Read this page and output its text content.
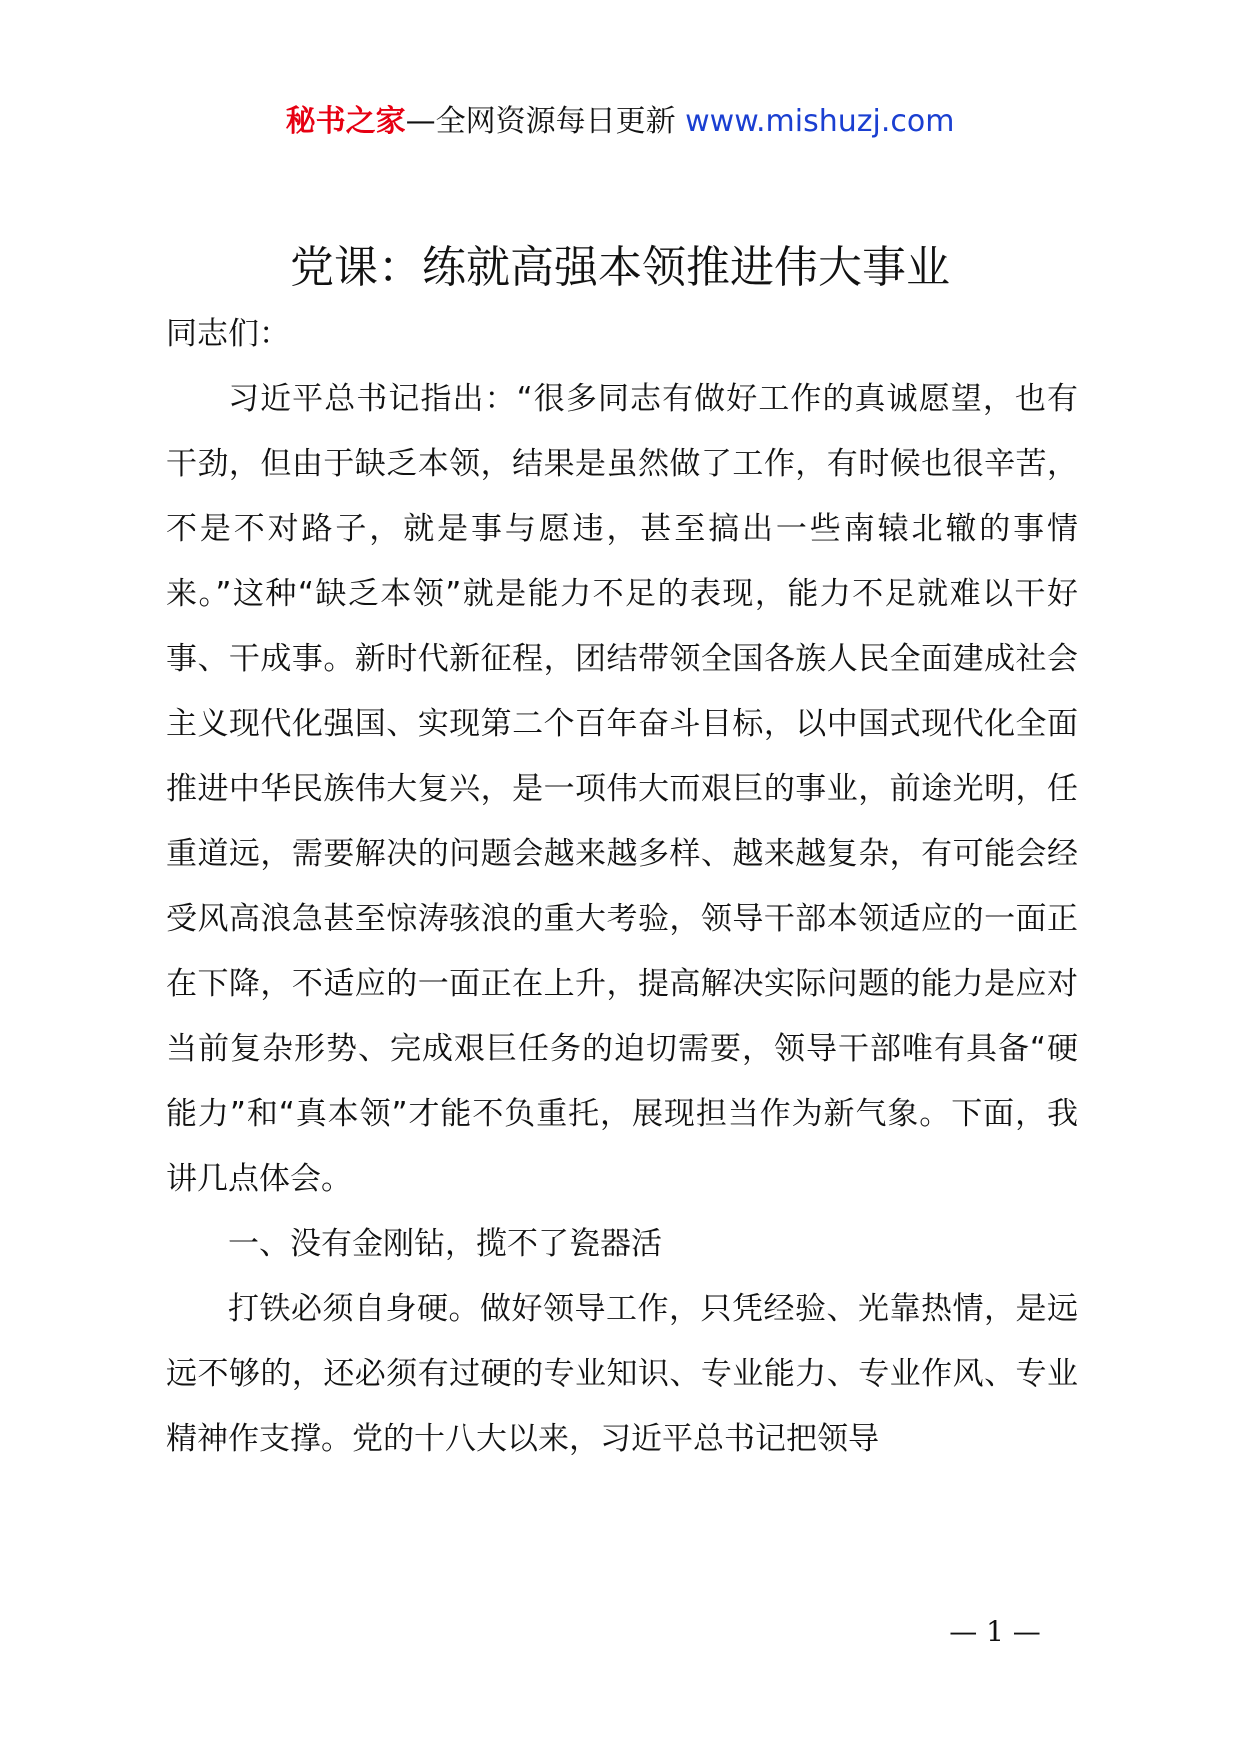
秘书之家—全网资源每日更新 www.mishuzj.com
党课：练就高强本领推进伟大事业

同志们：

习近平总书记指出：“很多同志有做好工作的真诚愿望，也有干劲，但由于缺乏本领，结果是虽然做了工作，有时候也很辛苦，不是不对路子，就是事与愿违，甚至搞出一些南辕北辙的事情来。”这种“缺乏本领”就是能力不足的表现，能力不足就难以干好事、干成事。新时代新征程，团结带领全国各族人民全面建成社会主义现代化强国、实现第二个百年奋斗目标，以中国式现代化全面推进中华民族伟大复兴，是一项伟大而艰巨的事业，前途光明，任重道远，需要解决的问题会越来越多样、越来越复杂，有可能会经受风高浪急甚至惊涛骇浪的重大考验，领导干部本领适应的一面正在下降，不适应的一面正在上升，提高解决实际问题的能力是应对当前复杂形势、完成艰巨任务的迫切需要，领导干部唯有具备“硬能力”和“真本领”才能不负重托，展现担当作为新气象。下面，我讲几点体会。

一、没有金刚钻，揽不了瓷器活

打铁必须自身硬。做好领导工作，只凭经验、光靠热情，是远远不够的，还必须有过硬的专业知识、专业能力、专业作风、专业精神作支撑。党的十八大以来，习近平总书记把领导

— 1 —
